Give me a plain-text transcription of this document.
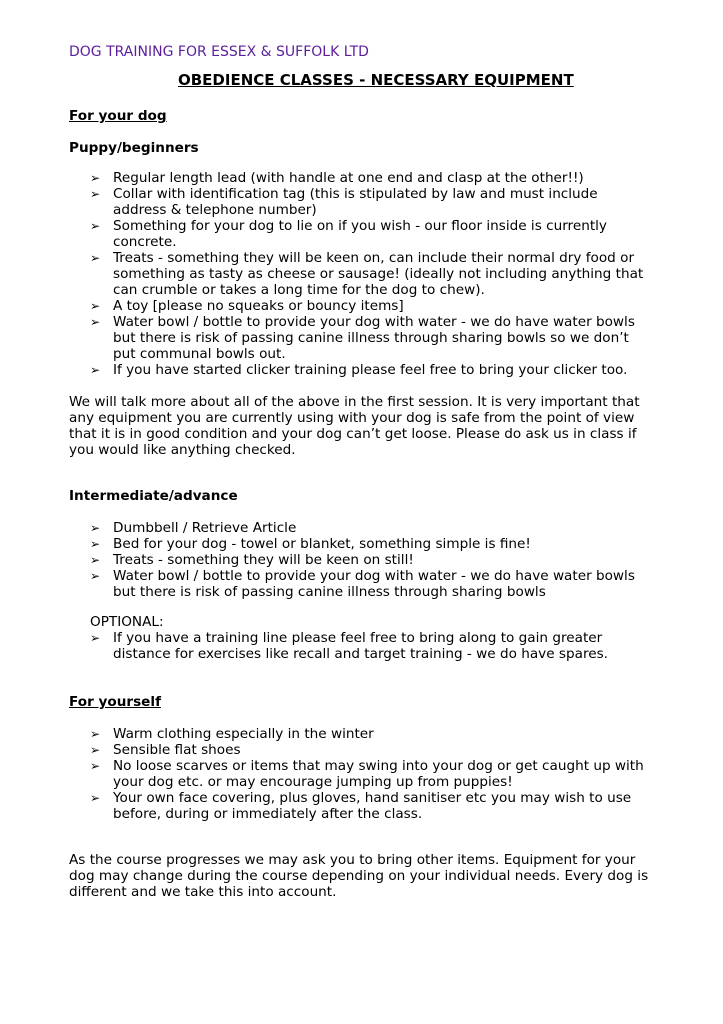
DOG TRAINING FOR ESSEX & SUFFOLK LTD
OBEDIENCE CLASSES - NECESSARY EQUIPMENT
For your dog
Puppy/beginners
➢ Regular length lead (with handle at one end and clasp at the other!!)
➢ Collar with identification tag (this is stipulated by law and must include address & telephone number)
➢ Something for your dog to lie on if you wish - our floor inside is currently concrete.
➢ Treats - something they will be keen on, can include their normal dry food or something as tasty as cheese or sausage! (ideally not including anything that can crumble or takes a long time for the dog to chew).
➢ A toy [please no squeaks or bouncy items]
➢ Water bowl / bottle to provide your dog with water - we do have water bowls but there is risk of passing canine illness through sharing bowls so we don’t put communal bowls out.
➢ If you have started clicker training please feel free to bring your clicker too.

We will talk more about all of the above in the first session. It is very important that any equipment you are currently using with your dog is safe from the point of view that it is in good condition and your dog can’t get loose. Please do ask us in class if you would like anything checked.

Intermediate/advance
➢ Dumbbell / Retrieve Article
➢ Bed for your dog - towel or blanket, something simple is fine!
➢ Treats - something they will be keen on still!
➢ Water bowl / bottle to provide your dog with water - we do have water bowls but there is risk of passing canine illness through sharing bowls
OPTIONAL:
➢ If you have a training line please feel free to bring along to gain greater distance for exercises like recall and target training - we do have spares.
For yourself
➢ Warm clothing especially in the winter
➢ Sensible flat shoes
➢ No loose scarves or items that may swing into your dog or get caught up with your dog etc. or may encourage jumping up from puppies!
➢ Your own face covering, plus gloves, hand sanitiser etc you may wish to use before, during or immediately after the class.

As the course progresses we may ask you to bring other items. Equipment for your dog may change during the course depending on your individual needs. Every dog is different and we take this into account.
